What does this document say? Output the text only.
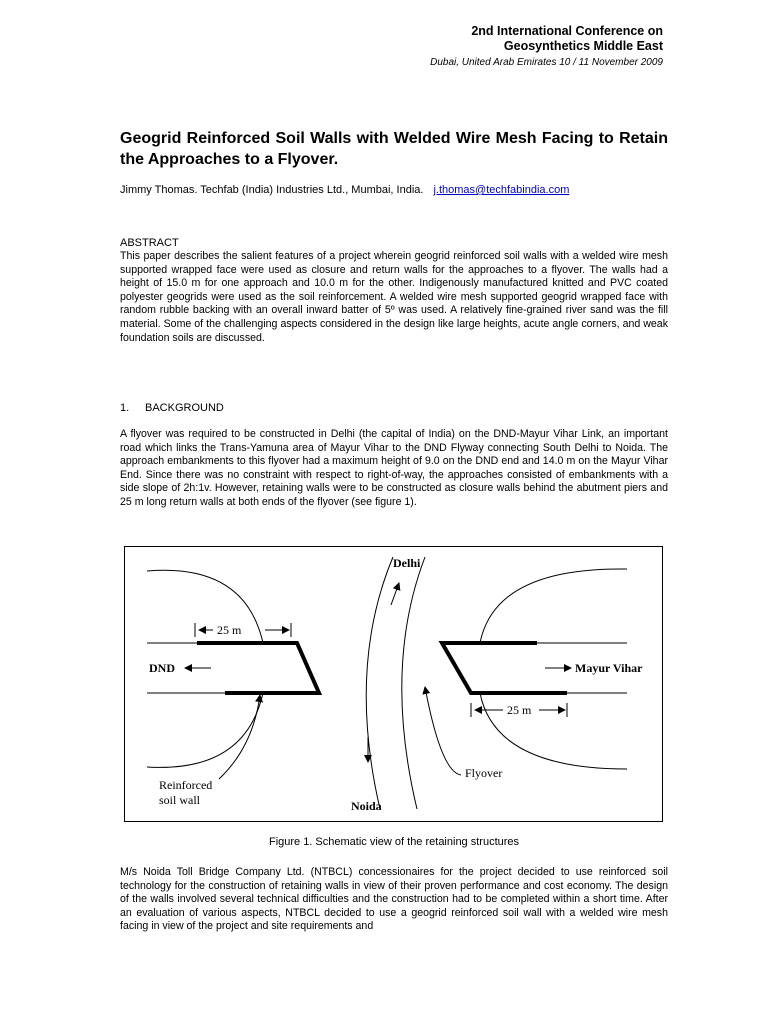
2nd International Conference on
Geosynthetics Middle East
Dubai, United Arab Emirates 10 / 11 November 2009
Geogrid Reinforced Soil Walls with Welded Wire Mesh Facing to Retain the Approaches to a Flyover.
Jimmy Thomas. Techfab (India) Industries Ltd., Mumbai, India. j.thomas@techfabindia.com
ABSTRACT
This paper describes the salient features of a project wherein geogrid reinforced soil walls with a welded wire mesh supported wrapped face were used as closure and return walls for the approaches to a flyover. The walls had a height of 15.0 m for one approach and 10.0 m for the other. Indigenously manufactured knitted and PVC coated polyester geogrids were used as the soil reinforcement. A welded wire mesh supported geogrid wrapped face with random rubble backing with an overall inward batter of 5º was used. A relatively fine-grained river sand was the fill material. Some of the challenging aspects considered in the design like large heights, acute angle corners, and weak foundation soils are discussed.
1. BACKGROUND
A flyover was required to be constructed in Delhi (the capital of India) on the DND-Mayur Vihar Link, an important road which links the Trans-Yamuna area of Mayur Vihar to the DND Flyway connecting South Delhi to Noida. The approach embankments to this flyover had a maximum height of 9.0 on the DND end and 14.0 m on the Mayur Vihar End. Since there was no constraint with respect to right-of-way, the approaches consisted of embankments with a side slope of 2h:1v. However, retaining walls were to be constructed as closure walls behind the abutment piers and 25 m long return walls at both ends of the flyover (see figure 1).
Delhi
Noida
DND	Mayur Vihar
25 m
25 m
Reinforced
soil wall
Flyover
Figure 1. Schematic view of the retaining structures
M/s Noida Toll Bridge Company Ltd. (NTBCL) concessionaires for the project decided to use reinforced soil technology for the construction of retaining walls in view of their proven performance and cost economy. The design of the walls involved several technical difficulties and the construction had to be completed within a short time. After an evaluation of various aspects, NTBCL decided to use a geogrid reinforced soil wall with a welded wire mesh facing in view of the project and site requirements and
